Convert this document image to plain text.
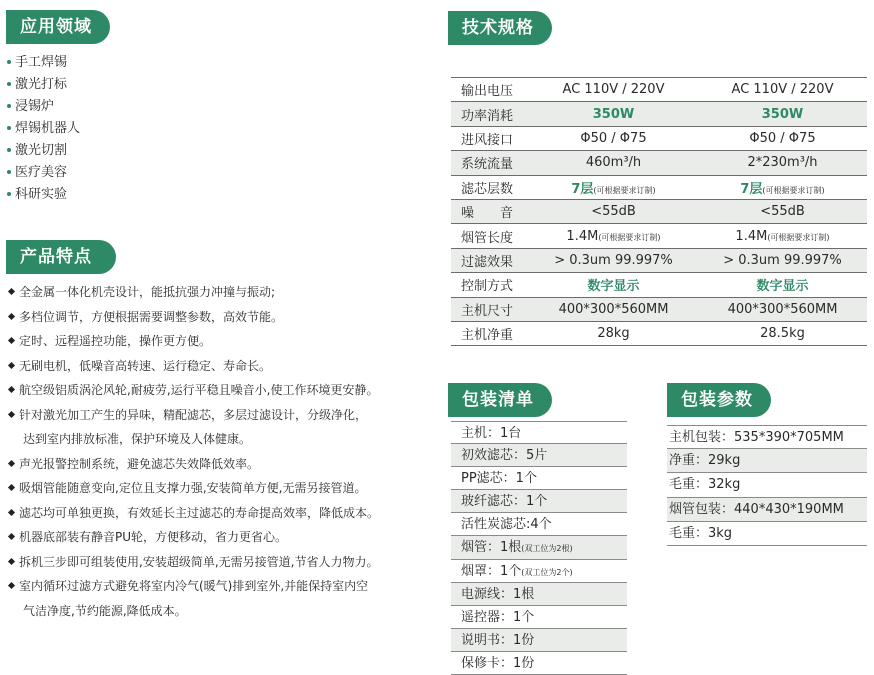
应用领域
产品特点
技术规格
包装清单	包装参数
手工焊锡
激光打标
浸锡炉
焊锡机器人
激光切割
医疗美容
科研实验
全金属一体化机壳设计，能抵抗强力冲撞与振动;
多档位调节，方便根据需要调整参数，高效节能。
定时、远程遥控功能，操作更方便。
无刷电机，低噪音高转速、运行稳定、寿命长。
航空级铝质涡沦风轮,耐疲劳,运行平稳且噪音小,使工作环境更安静。
针对激光加工产生的异味，精配滤芯，多层过滤设计，分级净化，
达到室内排放标准，保护环境及人体健康。
声光报警控制系统，避免滤芯失效降低效率。
吸烟管能随意变向,定位且支撑力强,安装简单方便,无需另接管道。
滤芯均可单独更换，有效延长主过滤芯的寿命提高效率，降低成本。
机器底部装有静音PU轮，方便移动，省力更省心。
拆机三步即可组装使用,安装超级简单,无需另接管道,节省人力物力。
室内循环过滤方式避免将室内冷气(暖气)排到室外,并能保持室内空
气洁净度,节约能源,降低成本。
输出电压	AC 110V / 220V	AC 110V / 220V
功率消耗	350W	350W
进风接口	Φ50 / Φ75	Φ50 / Φ75
系统流量	460m³/h	2*230m³/h
滤芯层数	7层(可根据要求订制)	7层(可根据要求订制)
噪　　音	<55dB	<55dB
烟管长度	1.4M(可根据要求订制)	1.4M(可根据要求订制)
过滤效果	> 0.3um 99.997%	> 0.3um 99.997%
控制方式	数字显示	数字显示
主机尺寸	400*300*560MM	400*300*560MM
主机净重	28kg	28.5kg
主机：1台
初效滤芯：5片
PP滤芯：1个
玻纤滤芯：1个
活性炭滤芯:4个
烟管：1根(双工位为2根)
烟罩：1个(双工位为2个)
电源线：1根
遥控器：1个
说明书：1份
保修卡：1份
主机包装：535*390*705MM
净重：29kg
毛重：32kg
烟管包装：440*430*190MM
毛重：3kg
